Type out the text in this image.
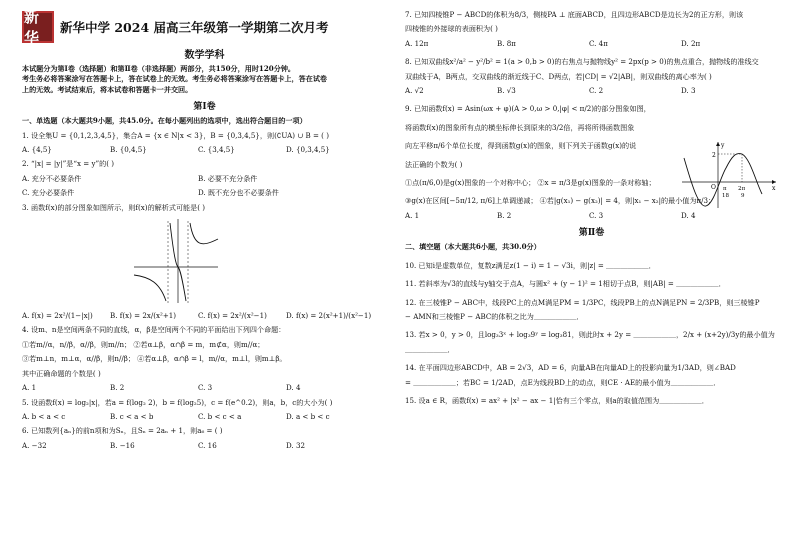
新华
新华中学 2024 届高三年级第一学期第二次月考
数学学科
本试题分为第Ⅰ卷（选择题）和第Ⅱ卷（非选择题）两部分，共150分，用时120分钟。
考生务必将答案涂写在答题卡上，答在试卷上的无效。考生务必将答案涂写在答题卡上，答在试卷
上的无效。考试结束后，将本试卷和答题卡一并交回。
第Ⅰ卷
一、单选题（本大题共9小题，共45.0分。在每小题列出的选项中，选出符合题目的一项）
1. 设全集U = {0,1,2,3,4,5}，集合A = {x ∈ N|x < 3}，B = {0,3,4,5}，则(∁UA) ∪ B = ( )
A. {4,5}	B. {0,4,5}	C. {3,4,5}	D. {0,3,4,5}
2. “|x| = |y|”是“x = y”的( )
A. 充分不必要条件	B. 必要不充分条件
C. 充分必要条件	D. 既不充分也不必要条件
3. 函数f(x)的部分图象如图所示，则f(x)的解析式可能是( )
A. f(x) = 2x²/(1−|x|)	B. f(x) = 2x/(x²+1)	C. f(x) = 2x²/(x²−1)	D. f(x) = 2(x²+1)/(x²−1)
4. 设m、n是空间两条不同的直线，α，β是空间两个不同的平面给出下列四个命题：
①若m//α，n//β，α//β，则m//n； ②若α⊥β，α∩β = m，m⊄α，则m//α；
③若m⊥n，m⊥α，α//β，则n//β； ④若α⊥β，α∩β = l，m//α，m⊥l，则m⊥β。
其中正确命题的个数是( )
A. 1	B. 2	C. 3	D. 4
5. 设函数f(x) = log₂|x|，若a = f(log₂ 2)，b = f(log₂5)，c = f(e^0.2)，则a，b，c的大小为( )
A. b < a < c	B. c < a < b	C. b < c < a	D. a < b < c
6. 已知数列{aₙ}的前n项和为Sₙ，且Sₙ = 2aₙ + 1，则a₆ = ( )
A. −32	B. −16	C. 16	D. 32
7. 已知四棱锥P − ABCD的体积为8/3，侧棱PA ⊥ 底面ABCD，且四边形ABCD是边长为2的正方形，则该
四棱锥的外接球的表面积为( )
A. 12π	B. 8π	C. 4π	D. 2π
8. 已知双曲线x²/a² − y²/b² = 1(a > 0,b > 0)的右焦点与抛物线y² = 2px(p > 0)的焦点重合，抛物线的准线交
双曲线于A，B两点，交双曲线的渐近线于C、D两点，若|CD| = √2|AB|，则双曲线的离心率为( )
A. √2	B. √3	C. 2	D. 3
9. 已知函数f(x) = Asin(ωx + φ)(A > 0,ω > 0,|φ| < π/2)的部分图象如图，
将函数f(x)的图象所有点的横坐标伸长到原来的3/2倍，再将所得函数图象
向左平移π/6个单位长度，得到函数g(x)的图象，则下列关于函数g(x)的说
法正确的个数为( )
①点(π/6,0)是g(x)图象的一个对称中心； ②x = π/3是g(x)图象的一条对称轴；
③g(x)在区间[−5π/12, π/6]上单调递减； ④若|g(x₁) − g(x₂)| = 4，则|x₁ − x₂|的最小值为π/3；
A. 1	B. 2	C. 3	D. 4
第Ⅱ卷
二、填空题（本大题共6小题，共30.0分）
10. 已知i是虚数单位，复数z满足z(1 − i) = 1 − √3i，则|z| = ＿＿＿＿＿＿．
11. 若斜率为√3的直线与y轴交于点A，与圆x² + (y − 1)² = 1相切于点B，则|AB| = ＿＿＿＿＿＿．
12. 在三棱锥P − ABC中，线段PC上的点M满足PM = 1/3PC，线段PB上的点N满足PN = 2/3PB，则三棱锥P
− AMN和三棱锥P − ABC的体积之比为＿＿＿＿＿＿．
13. 若x > 0，y > 0，且log₃3ˣ + log₃9ʸ = log₃81，则此时x + 2y = ＿＿＿＿＿＿，2/x + (x+2y)/3y的最小值为
＿＿＿＿＿＿．
14. 在平面四边形ABCD中，AB = 2√3，AD = 6，向量AB在向量AD上的投影向量为1/3AD，则∠BAD
= ＿＿＿＿＿＿；若BC = 1/2AD，点E为线段BD上的动点，则CE · AE的最小值为＿＿＿＿＿＿．
15. 设a ∈ R，函数f(x) = ax² + |x² − ax − 1|恰有三个零点，则a的取值范围为＿＿＿＿＿＿．
y
x
O
2
π
18
2π
9
